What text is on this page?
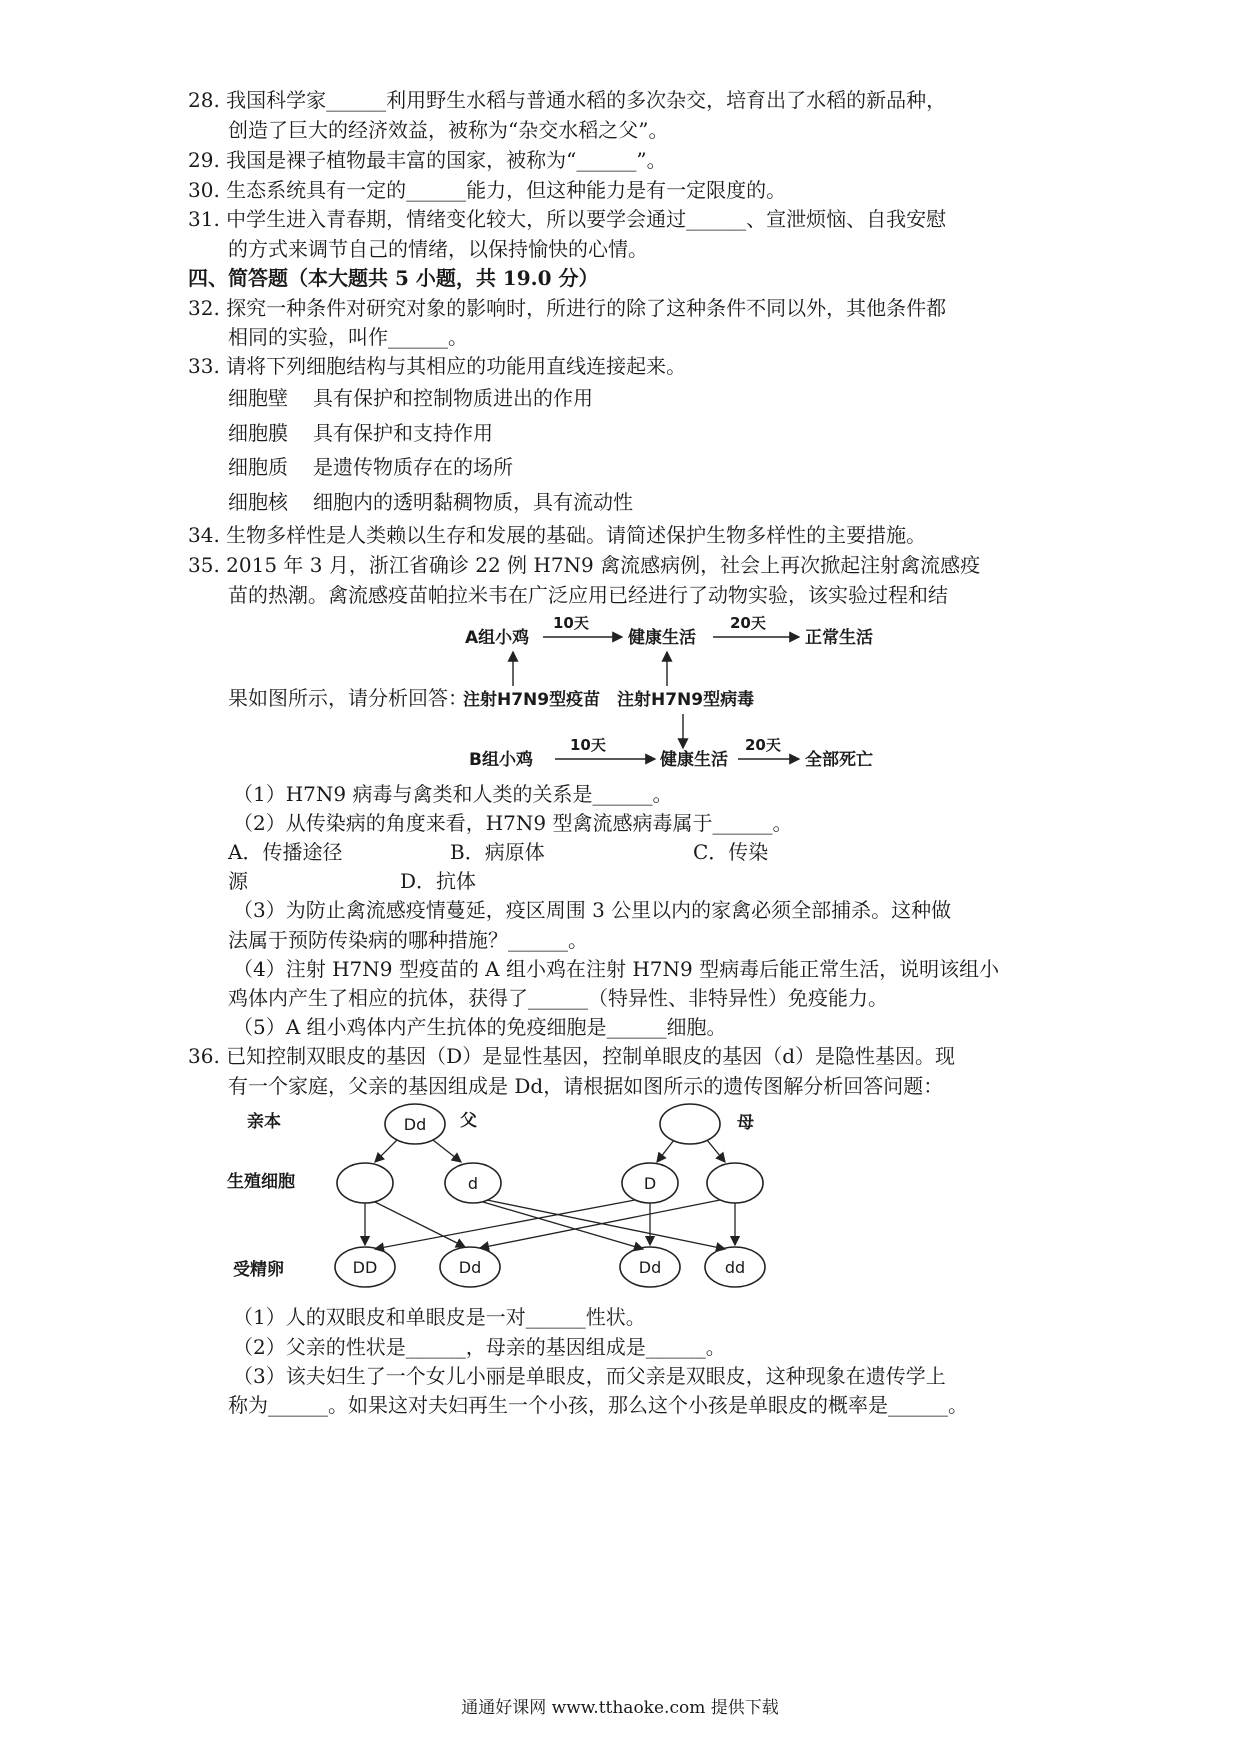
28. 我国科学家______利用野生水稻与普通水稻的多次杂交，培育出了水稻的新品种，
创造了巨大的经济效益，被称为“杂交水稻之父”。
29. 我国是裸子植物最丰富的国家，被称为“______”。
30. 生态系统具有一定的______能力，但这种能力是有一定限度的。
31. 中学生进入青春期，情绪变化较大，所以要学会通过______、宣泄烦恼、自我安慰
的方式来调节自己的情绪，以保持愉快的心情。
四、简答题（本大题共 5 小题，共 19.0 分）
32. 探究一种条件对研究对象的影响时，所进行的除了这种条件不同以外，其他条件都
相同的实验，叫作______。
33. 请将下列细胞结构与其相应的功能用直线连接起来。
细胞壁 具有保护和控制物质进出的作用
细胞膜 具有保护和支持作用
细胞质 是遗传物质存在的场所
细胞核 细胞内的透明黏稠物质，具有流动性
34. 生物多样性是人类赖以生存和发展的基础。请简述保护生物多样性的主要措施。
35. 2015 年 3 月，浙江省确诊 22 例 H7N9 禽流感病例，社会上再次掀起注射禽流感疫
苗的热潮。禽流感疫苗帕拉米韦在广泛应用已经进行了动物实验，该实验过程和结
果如图所示，请分析回答：
A组小鸡
10天
健康生活
20天
正常生活
注射H7N9型疫苗 注射H7N9型病毒
B组小鸡
10天
健康生活
20天
全部死亡
（1）H7N9 病毒与禽类和人类的关系是______。
（2）从传染病的角度来看，H7N9 型禽流感病毒属于______。
A．传播途径	B．病原体	C．传染
源	D．抗体
（3）为防止禽流感疫情蔓延，疫区周围 3 公里以内的家禽必须全部捕杀。这种做
法属于预防传染病的哪种措施？______。
（4）注射 H7N9 型疫苗的 A 组小鸡在注射 H7N9 型病毒后能正常生活，说明该组小
鸡体内产生了相应的抗体，获得了______（特异性、非特异性）免疫能力。
（5）A 组小鸡体内产生抗体的免疫细胞是______细胞。
36. 已知控制双眼皮的基因（D）是显性基因，控制单眼皮的基因（d）是隐性基因。现
有一个家庭，父亲的基因组成是 Dd，请根据如图所示的遗传图解分析回答问题：
亲本
生殖细胞
受精卵
父	母
Dd
d	D
DD	Dd	Dd	dd
（1）人的双眼皮和单眼皮是一对______性状。
（2）父亲的性状是______，母亲的基因组成是______。
（3）该夫妇生了一个女儿小丽是单眼皮，而父亲是双眼皮，这种现象在遗传学上
称为______。如果这对夫妇再生一个小孩，那么这个小孩是单眼皮的概率是______。
通通好课网 www.tthaoke.com 提供下载
